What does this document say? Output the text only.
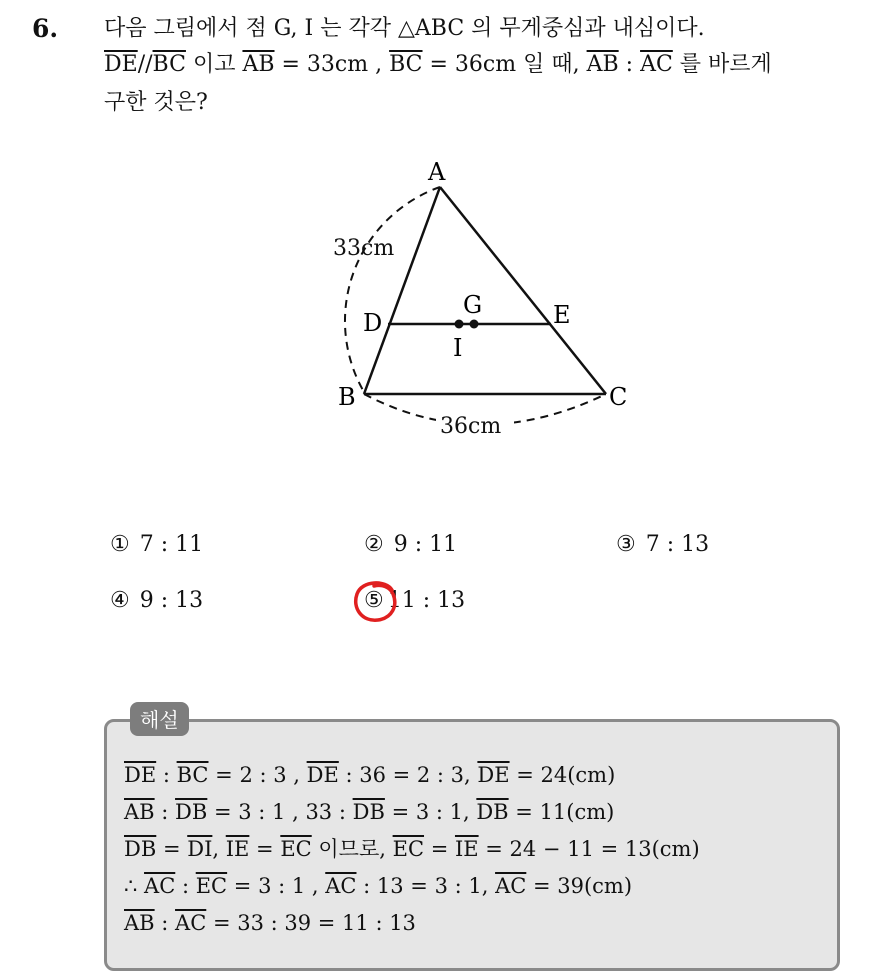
6. 다음 그림에서 점 G, I 는 각각 △ABC 의 무게중심과 내심이다.
$\overline{DE}//\overline{BC}$ 이고 $\overline{AB} = 33cm$ , $\overline{BC} = 36cm$ 일 때, $\overline{AB}$ : $\overline{AC}$ 를 바르게
구한 것은?
A
B	C
D	E
G
I
33cm
36cm
① 7 : 11	② 9 : 11	③ 7 : 13
④ 9 : 13	⑤ 11 : 13
해설
$\overline{DE}$ : $\overline{BC} = 2$ : 3 , $\overline{DE}$ : 36 = 2 : 3, $\overline{DE} = 24(cm)$
$\overline{AB}$ : $\overline{DB} = 3$ : 1 , 33 : $\overline{DB} = 3$ : 1, $\overline{DB} = 11(cm)$
$\overline{DB} = \overline{DI}$, $\overline{IE} = \overline{EC}$ 이므로, $\overline{EC} = \overline{IE} = 24 - 11 = 13(cm)$
∴ $\overline{AC}$ : $\overline{EC} = 3$ : 1 , $\overline{AC}$ : 13 = 3 : 1, $\overline{AC} = 39(cm)$
$\overline{AB}$ : $\overline{AC} = 33$ : 39 = 11 : 13
